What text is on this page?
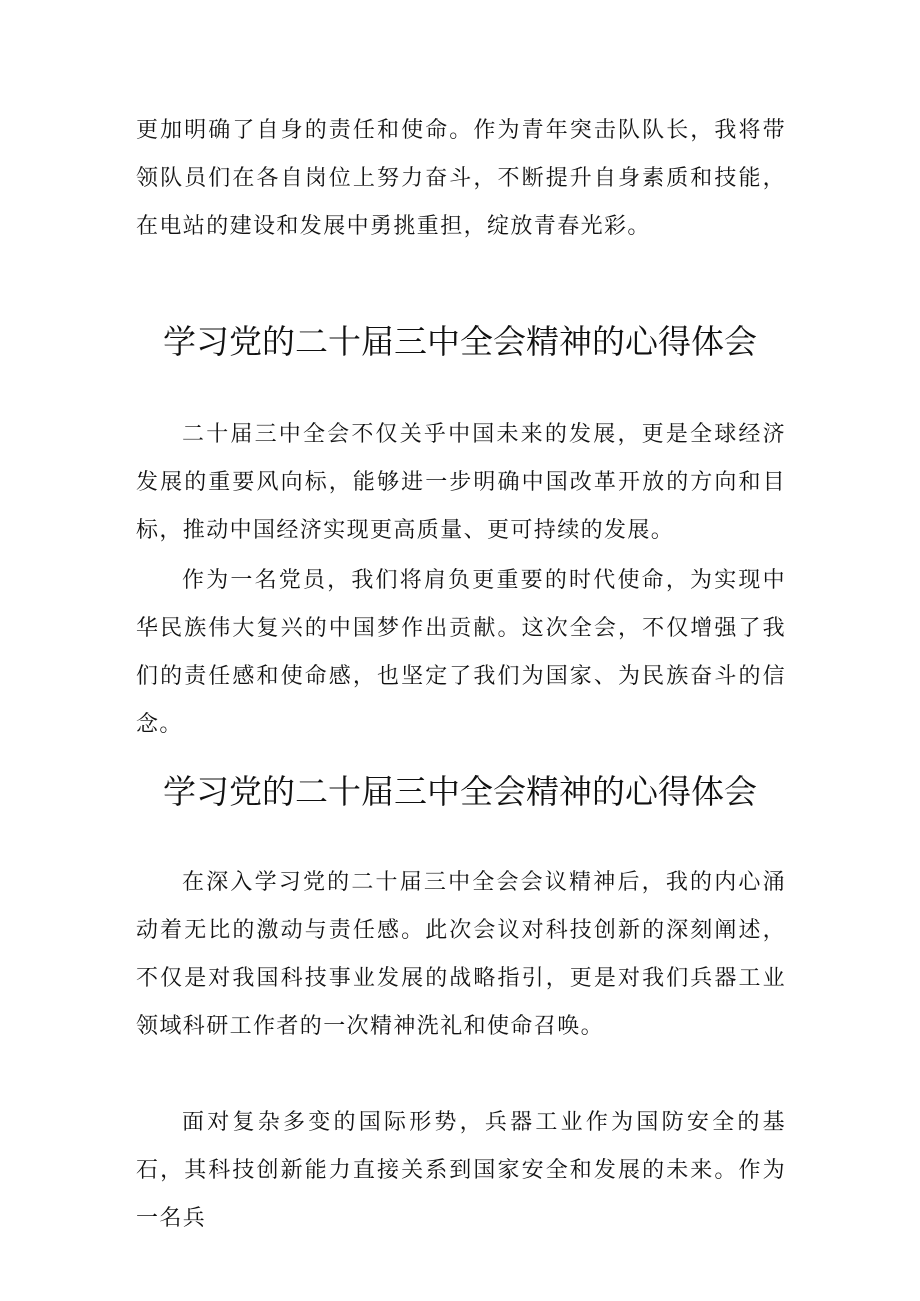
更加明确了自身的责任和使命。作为青年突击队队长，我将带领队员们在各自岗位上努力奋斗，不断提升自身素质和技能，在电站的建设和发展中勇挑重担，绽放青春光彩。

学习党的二十届三中全会精神的心得体会

二十届三中全会不仅关乎中国未来的发展，更是全球经济发展的重要风向标，能够进一步明确中国改革开放的方向和目标，推动中国经济实现更高质量、更可持续的发展。

作为一名党员，我们将肩负更重要的时代使命，为实现中华民族伟大复兴的中国梦作出贡献。这次全会，不仅增强了我们的责任感和使命感，也坚定了我们为国家、为民族奋斗的信念。

学习党的二十届三中全会精神的心得体会

在深入学习党的二十届三中全会会议精神后，我的内心涌动着无比的激动与责任感。此次会议对科技创新的深刻阐述，不仅是对我国科技事业发展的战略指引，更是对我们兵器工业领域科研工作者的一次精神洗礼和使命召唤。

面对复杂多变的国际形势，兵器工业作为国防安全的基石，其科技创新能力直接关系到国家安全和发展的未来。作为一名兵
